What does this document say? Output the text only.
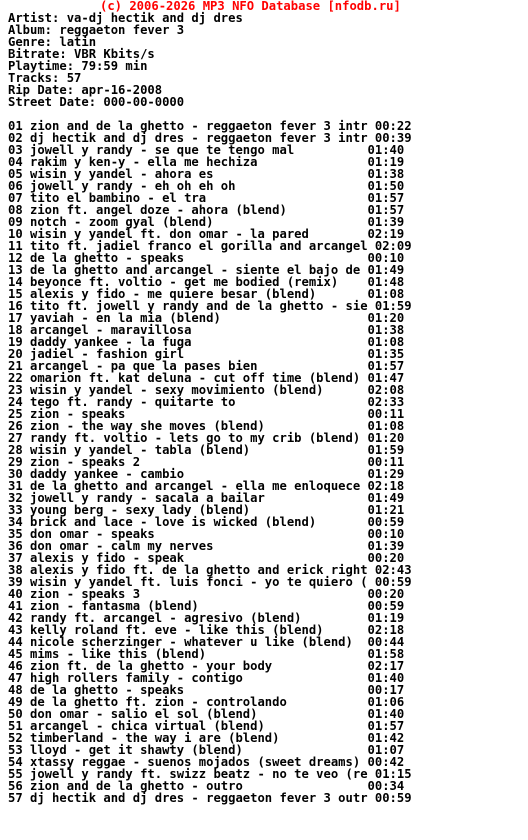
(c) 2006-2026 MP3 NFO Database [nfodb.ru]

Artist: va-dj hectik and dj dres
Album: reggaeton fever 3
Genre: latin
Bitrate: VBR Kbits/s
Playtime: 79:59 min
Tracks: 57
Rip Date: apr-16-2008
Street Date: 000-00-0000

01 zion and de la ghetto - reggaeton fever 3 intr 00:22
02 dj hectik and dj dres - reggaeton fever 3 intr 00:39
03 jowell y randy - se que te tengo mal          01:40
04 rakim y ken-y - ella me hechiza               01:19
05 wisin y yandel - ahora es                     01:38
06 jowell y randy - eh oh eh oh                  01:50
07 tito el bambino - el tra                      01:57
08 zion ft. angel doze - ahora (blend)           01:57
09 notch - zoom gyal (blend)                     01:39
10 wisin y yandel ft. don omar - la pared        02:19
11 tito ft. jadiel franco el gorilla and arcangel 02:09
12 de la ghetto - speaks                         00:10
13 de la ghetto and arcangel - siente el bajo de 01:49
14 beyonce ft. voltio - get me bodied (remix)    01:48
15 alexis y fido - me quiere besar (blend)       01:08
16 tito ft. jowell y randy and de la ghetto - sie 01:59
17 yaviah - en la mia (blend)                    01:20
18 arcangel - maravillosa                        01:38
19 daddy yankee - la fuga                        01:08
20 jadiel - fashion girl                         01:35
21 arcangel - pa que la pases bien               01:57
22 omarion ft. kat deluna - cut off time (blend) 01:47
23 wisin y yandel - sexy movimiento (blend)      02:08
24 tego ft. randy - quitarte to                  02:33
25 zion - speaks                                 00:11
26 zion - the way she moves (blend)              01:08
27 randy ft. voltio - lets go to my crib (blend) 01:20
28 wisin y yandel - tabla (blend)                01:59
29 zion - speaks 2                               00:11
30 daddy yankee - cambio                         01:29
31 de la ghetto and arcangel - ella me enloquece 02:18
32 jowell y randy - sacala a bailar              01:49
33 young berg - sexy lady (blend)                01:21
34 brick and lace - love is wicked (blend)       00:59
35 don omar - speaks                             00:10
36 don omar - calm my nerves                     01:39
37 alexis y fido - speak                         00:20
38 alexis y fido ft. de la ghetto and erick right 02:43
39 wisin y yandel ft. luis fonci - yo te quiero ( 00:59
40 zion - speaks 3                               00:20
41 zion - fantasma (blend)                       00:59
42 randy ft. arcangel - agresivo (blend)         01:19
43 kelly roland ft. eve - like this (blend)      02:18
44 nicole scherzinger - whatever u like (blend)  00:44
45 mims - like this (blend)                      01:58
46 zion ft. de la ghetto - your body             02:17
47 high rollers family - contigo                 01:40
48 de la ghetto - speaks                         00:17
49 de la ghetto ft. zion - controlando           01:06
50 don omar - salio el sol (blend)               01:40
51 arcangel - chica virtual (blend)              01:57
52 timberland - the way i are (blend)            01:42
53 lloyd - get it shawty (blend)                 01:07
54 xtassy reggae - suenos mojados (sweet dreams) 00:42
55 jowell y randy ft. swizz beatz - no te veo (re 01:15
56 zion and de la ghetto - outro                 00:34
57 dj hectik and dj dres - reggaeton fever 3 outr 00:59
